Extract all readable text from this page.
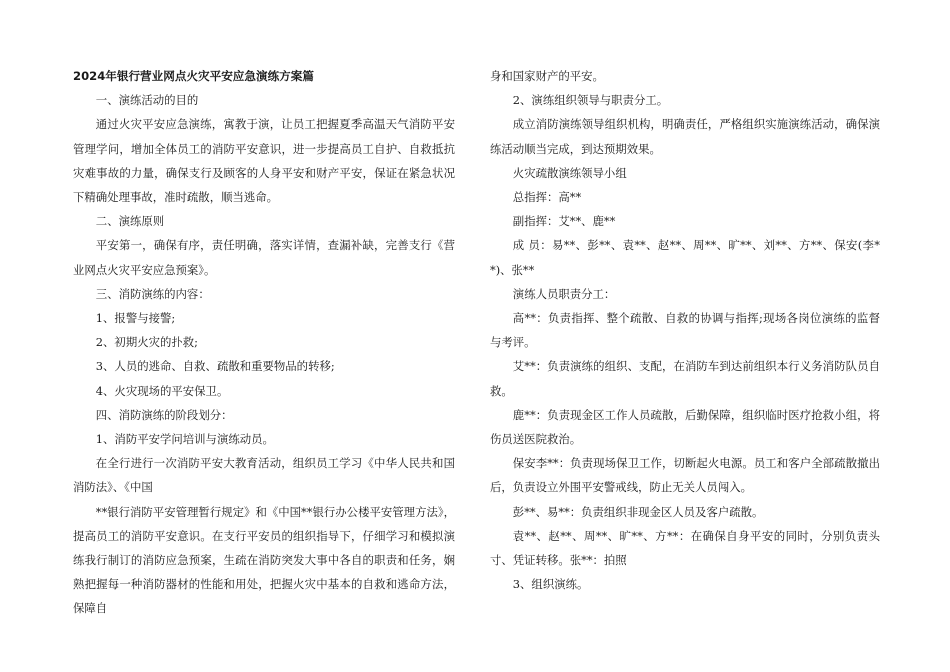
2024年银行营业网点火灾平安应急演练方案篇

一、演练活动的目的

通过火灾平安应急演练，寓教于演，让员工把握夏季高温天气消防平安管理学问，增加全体员工的消防平安意识，进一步提高员工自护、自救抵抗灾难事故的力量，确保支行及顾客的人身平安和财产平安，保证在紧急状况下精确处理事故，准时疏散，顺当逃命。

二、演练原则

平安第一，确保有序，责任明确，落实详情，查漏补缺，完善支行《营业网点火灾平安应急预案》。

三、消防演练的内容：

1、报警与接警;

2、初期火灾的扑救;

3、人员的逃命、自救、疏散和重要物品的转移;

4、火灾现场的平安保卫。

四、消防演练的阶段划分：

1、消防平安学问培训与演练动员。

在全行进行一次消防平安大教育活动，组织员工学习《中华人民共和国消防法》、《中国

**银行消防平安管理暂行规定》和《中国**银行办公楼平安管理方法》，提高员工的消防平安意识。在支行平安员的组织指导下，仔细学习和模拟演练我行制订的消防应急预案，生疏在消防突发大事中各自的职责和任务，娴熟把握每一种消防器材的性能和用处，把握火灾中基本的自救和逃命方法，保障自

身和国家财产的平安。

2、演练组织领导与职责分工。

成立消防演练领导组织机构，明确责任，严格组织实施演练活动，确保演练活动顺当完成，到达预期效果。

火灾疏散演练领导小组

总指挥：高**

副指挥：艾**、鹿**

成 员：易**、彭**、袁**、赵**、周**、旷**、刘**、方**、保安(李**)、张**

演练人员职责分工：

高**：负责指挥、整个疏散、自救的协调与指挥;现场各岗位演练的监督与考评。

艾**：负责演练的组织、支配，在消防车到达前组织本行义务消防队员自救。

鹿**：负责现金区工作人员疏散，后勤保障，组织临时医疗抢救小组，将伤员送医院救治。

保安李**：负责现场保卫工作，切断起火电源。员工和客户全部疏散撤出后，负责设立外围平安警戒线，防止无关人员闯入。

彭**、易**：负责组织非现金区人员及客户疏散。

袁**、赵**、周**、旷**、方**：在确保自身平安的同时，分别负责头寸、凭证转移。张**：拍照

3、组织演练。
